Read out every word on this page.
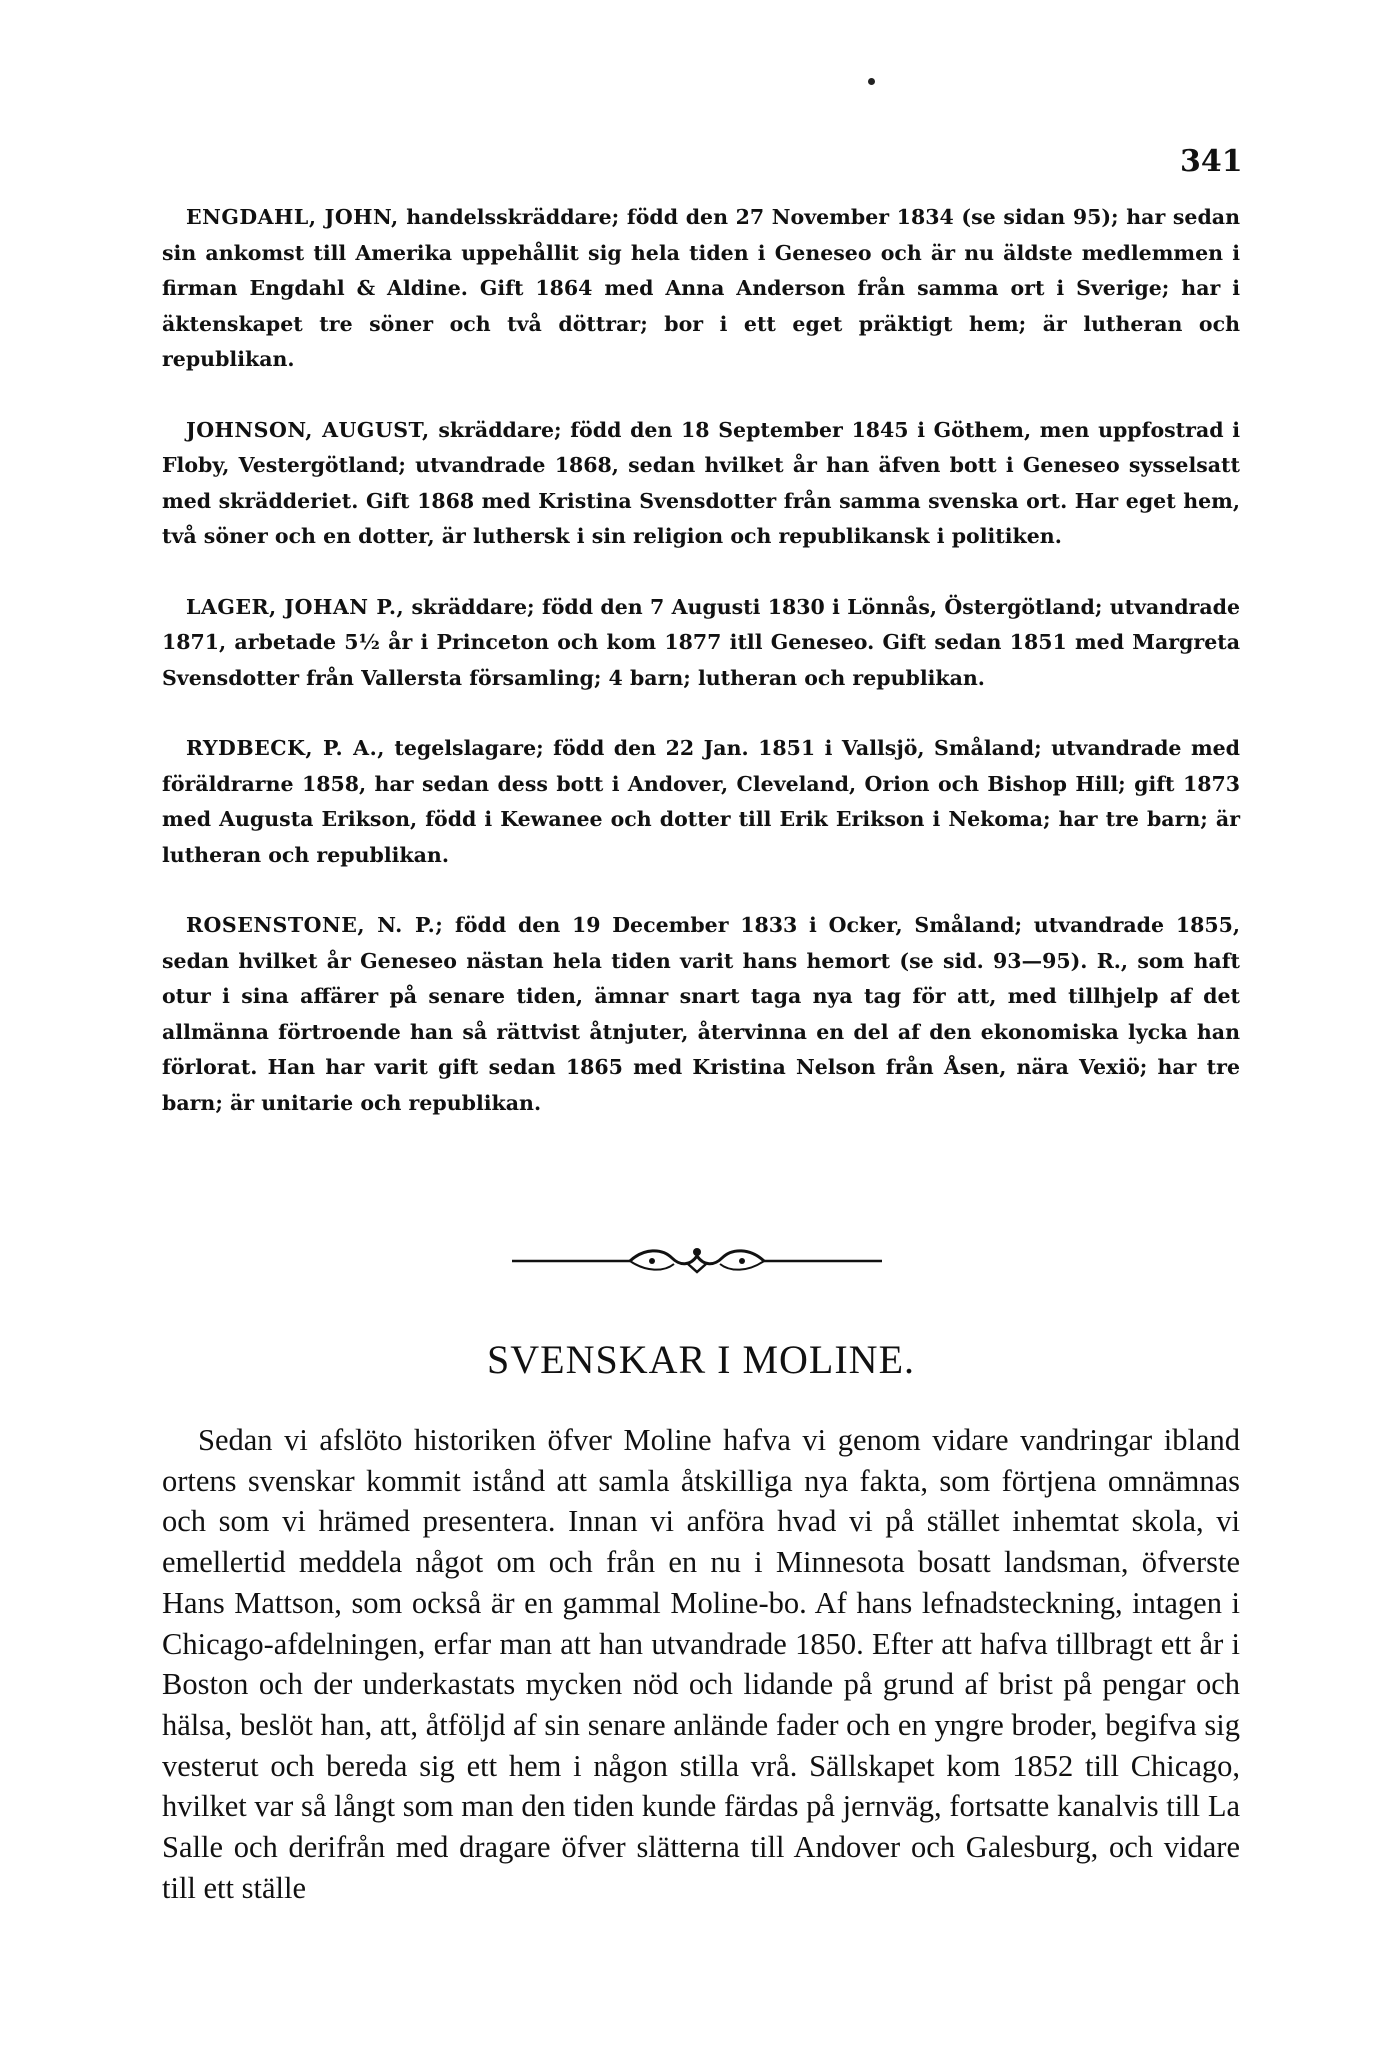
341

ENGDAHL, JOHN, handelsskräddare; född den 27 November 1834 (se sidan 95); har sedan sin ankomst till Amerika uppehållit sig hela tiden i Geneseo och är nu äldste medlemmen i firman Engdahl & Aldine. Gift 1864 med Anna Anderson från samma ort i Sverige; har i äktenskapet tre söner och två döttrar; bor i ett eget präktigt hem; är lutheran och republikan.

JOHNSON, AUGUST, skräddare; född den 18 September 1845 i Göthem, men uppfostrad i Floby, Vestergötland; utvandrade 1868, sedan hvilket år han äfven bott i Geneseo sysselsatt med skrädderiet. Gift 1868 med Kristina Svensdotter från samma svenska ort. Har eget hem, två söner och en dotter, är luthersk i sin religion och republikansk i politiken.

LAGER, JOHAN P., skräddare; född den 7 Augusti 1830 i Lönnås, Östergötland; utvandrade 1871, arbetade 5½ år i Princeton och kom 1877 itll Geneseo. Gift sedan 1851 med Margreta Svensdotter från Vallersta församling; 4 barn; lutheran och republikan.

RYDBECK, P. A., tegelslagare; född den 22 Jan. 1851 i Vallsjö, Småland; utvandrade med föräldrarne 1858, har sedan dess bott i Andover, Cleveland, Orion och Bishop Hill; gift 1873 med Augusta Erikson, född i Kewanee och dotter till Erik Erikson i Nekoma; har tre barn; är lutheran och republikan.

ROSENSTONE, N. P.; född den 19 December 1833 i Ocker, Småland; utvandrade 1855, sedan hvilket år Geneseo nästan hela tiden varit hans hemort (se sid. 93—95). R., som haft otur i sina affärer på senare tiden, ämnar snart taga nya tag för att, med tillhjelp af det allmänna förtroende han så rättvist åtnjuter, återvinna en del af den ekonomiska lycka han förlorat. Han har varit gift sedan 1865 med Kristina Nelson från Åsen, nära Vexiö; har tre barn; är unitarie och republikan.

SVENSKAR I MOLINE.

Sedan vi afslöto historiken öfver Moline hafva vi genom vidare vandringar ibland ortens svenskar kommit istånd att samla åtskilliga nya fakta, som förtjena omnämnas och som vi hrämed presentera. Innan vi anföra hvad vi på stället inhemtat skola, vi emellertid meddela något om och från en nu i Minnesota bosatt landsman, öfverste Hans Mattson, som också är en gammal Moline-bo. Af hans lefnadsteckning, intagen i Chicago-afdelningen, erfar man att han utvandrade 1850. Efter att hafva tillbragt ett år i Boston och der underkastats mycken nöd och lidande på grund af brist på pengar och hälsa, beslöt han, att, åtföljd af sin senare anlände fader och en yngre broder, begifva sig vesterut och bereda sig ett hem i någon stilla vrå. Sällskapet kom 1852 till Chicago, hvilket var så långt som man den tiden kunde färdas på jernväg, fortsatte kanalvis till La Salle och derifrån med dragare öfver slätterna till Andover och Galesburg, och vidare till ett ställe
